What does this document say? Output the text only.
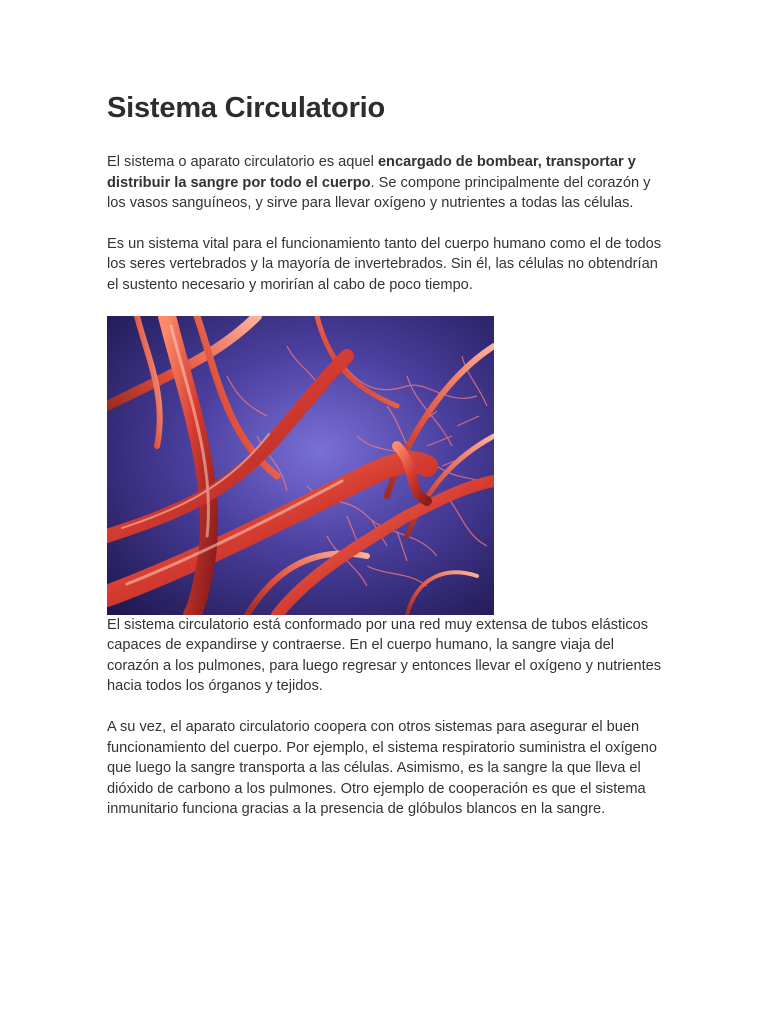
Sistema Circulatorio

El sistema o aparato circulatorio es aquel encargado de bombear, transportar y distribuir la sangre por todo el cuerpo. Se compone principalmente del corazón y los vasos sanguíneos, y sirve para llevar oxígeno y nutrientes a todas las células.

Es un sistema vital para el funcionamiento tanto del cuerpo humano como el de todos los seres vertebrados y la mayoría de invertebrados. Sin él, las células no obtendrían el sustento necesario y morirían al cabo de poco tiempo.

El sistema circulatorio está conformado por una red muy extensa de tubos elásticos capaces de expandirse y contraerse. En el cuerpo humano, la sangre viaja del corazón a los pulmones, para luego regresar y entonces llevar el oxígeno y nutrientes hacia todos los órganos y tejidos.

A su vez, el aparato circulatorio coopera con otros sistemas para asegurar el buen funcionamiento del cuerpo. Por ejemplo, el sistema respiratorio suministra el oxígeno que luego la sangre transporta a las células. Asimismo, es la sangre la que lleva el dióxido de carbono a los pulmones. Otro ejemplo de cooperación es que el sistema inmunitario funciona gracias a la presencia de glóbulos blancos en la sangre.
